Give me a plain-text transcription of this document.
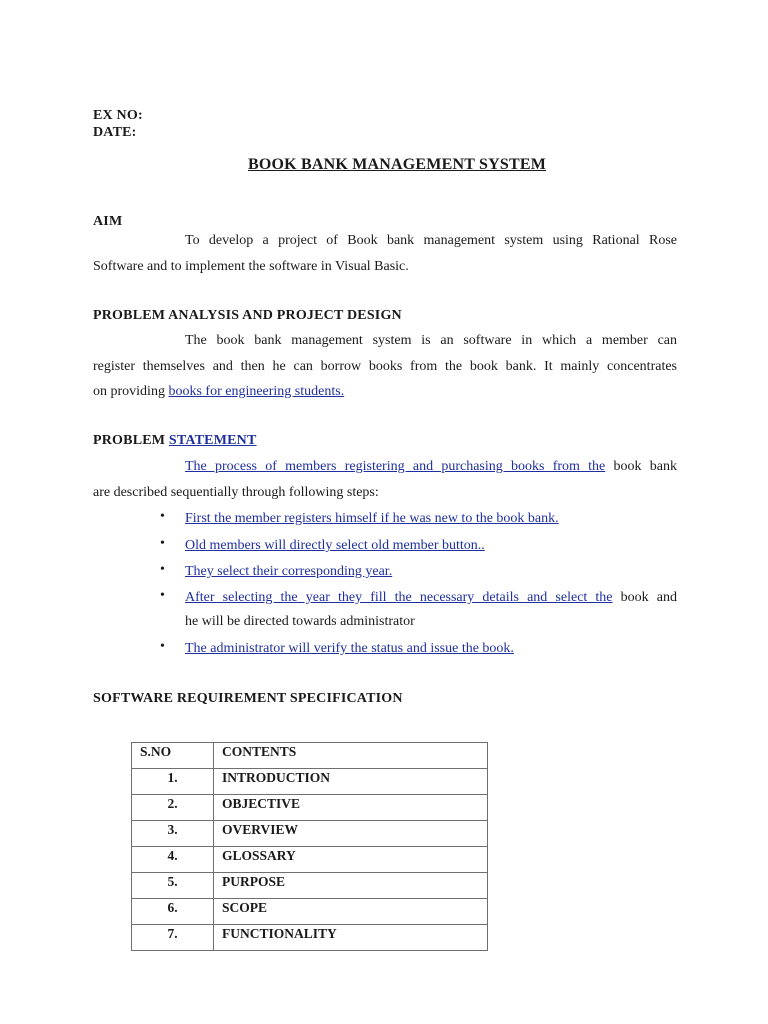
EX NO:
DATE:
BOOK BANK MANAGEMENT SYSTEM
AIM
To develop a project of Book bank management system using Rational Rose
Software and to implement the software in Visual Basic.
PROBLEM ANALYSIS AND PROJECT DESIGN
The book bank management system is an software in which a member can
register themselves and then he can borrow books from the book bank. It mainly concentrates
on providing books for engineering students.
PROBLEM STATEMENT
The process of members registering and purchasing books from the book bank
are described sequentially through following steps:
• First the member registers himself if he was new to the book bank.
• Old members will directly select old member button..
• They select their corresponding year.
• After selecting the year they fill the necessary details and select the book and
he will be directed towards administrator
• The administrator will verify the status and issue the book.
SOFTWARE REQUIREMENT SPECIFICATION
S.NO	CONTENTS
1.	INTRODUCTION
2.	OBJECTIVE
3.	OVERVIEW
4.	GLOSSARY
5.	PURPOSE
6.	SCOPE
7.	FUNCTIONALITY
